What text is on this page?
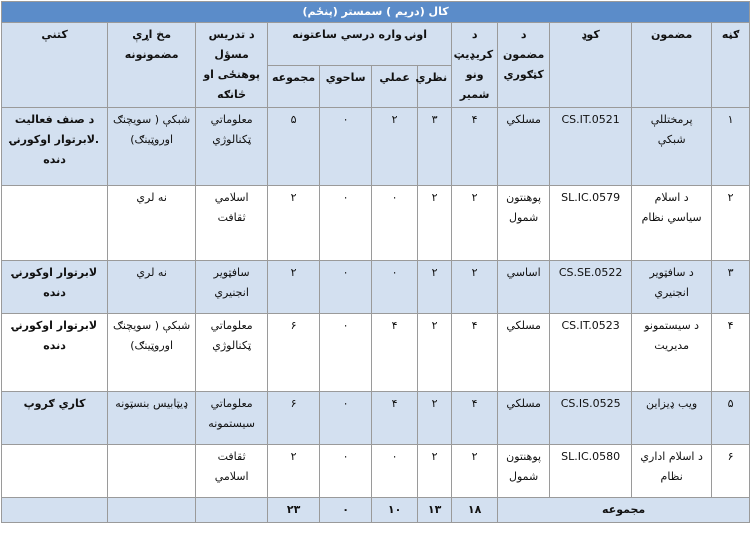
کال (دریم ) سمستر (پنځم)											
ګڼه	مضمون	کوډ	د مضمون کټګوري	د کریډیټ ونو شمیر	اونۍ واره درسي ساعتونه				د تدریس مسؤل پوهنځی او څانګه	مخ اړې مضمونونه	کتنې
					نظري	عملي	ساحوي	مجموعه			
۱	پرمختللې شبکې	CS.IT.0521	مسلکي	۴	۳	۲	۰	۵	معلوماتي ټکنالوژي	شبکې ( سویچنګ اوروټینګ)	د صنف فعالیت .لابرتوار اوکورنۍ دنده
۲	د اسلام سیاسي نظام	SL.IC.0579	پوهنتون شمول	۲	۲	۰	۰	۲	اسلامي ثقافت	نه لري	
۳	د سافټویر انجنیري	CS.SE.0522	اساسي	۲	۲	۰	۰	۲	سافټویر انجنیري	نه لري	لابرتوار اوکورنۍ دنده
۴	د سیستمونو مدیریت	CS.IT.0523	مسلکي	۴	۲	۴	۰	۶	معلوماتي ټکنالوژي	شبکې ( سویچنګ اوروټینګ)	لابرتوار اوکورنۍ دنده
۵	ویب ډیزاین	CS.IS.0525	مسلکي	۴	۲	۴	۰	۶	معلوماتي سیستمونه	ډیټابیس بنسټونه	کاري ګروپ
۶	د اسلام اداري نظام	SL.IC.0580	پوهنتون شمول	۲	۲	۰	۰	۲	ثقافت اسلامي		
مجموعه				۱۸	۱۳	۱۰	۰	۲۳			
